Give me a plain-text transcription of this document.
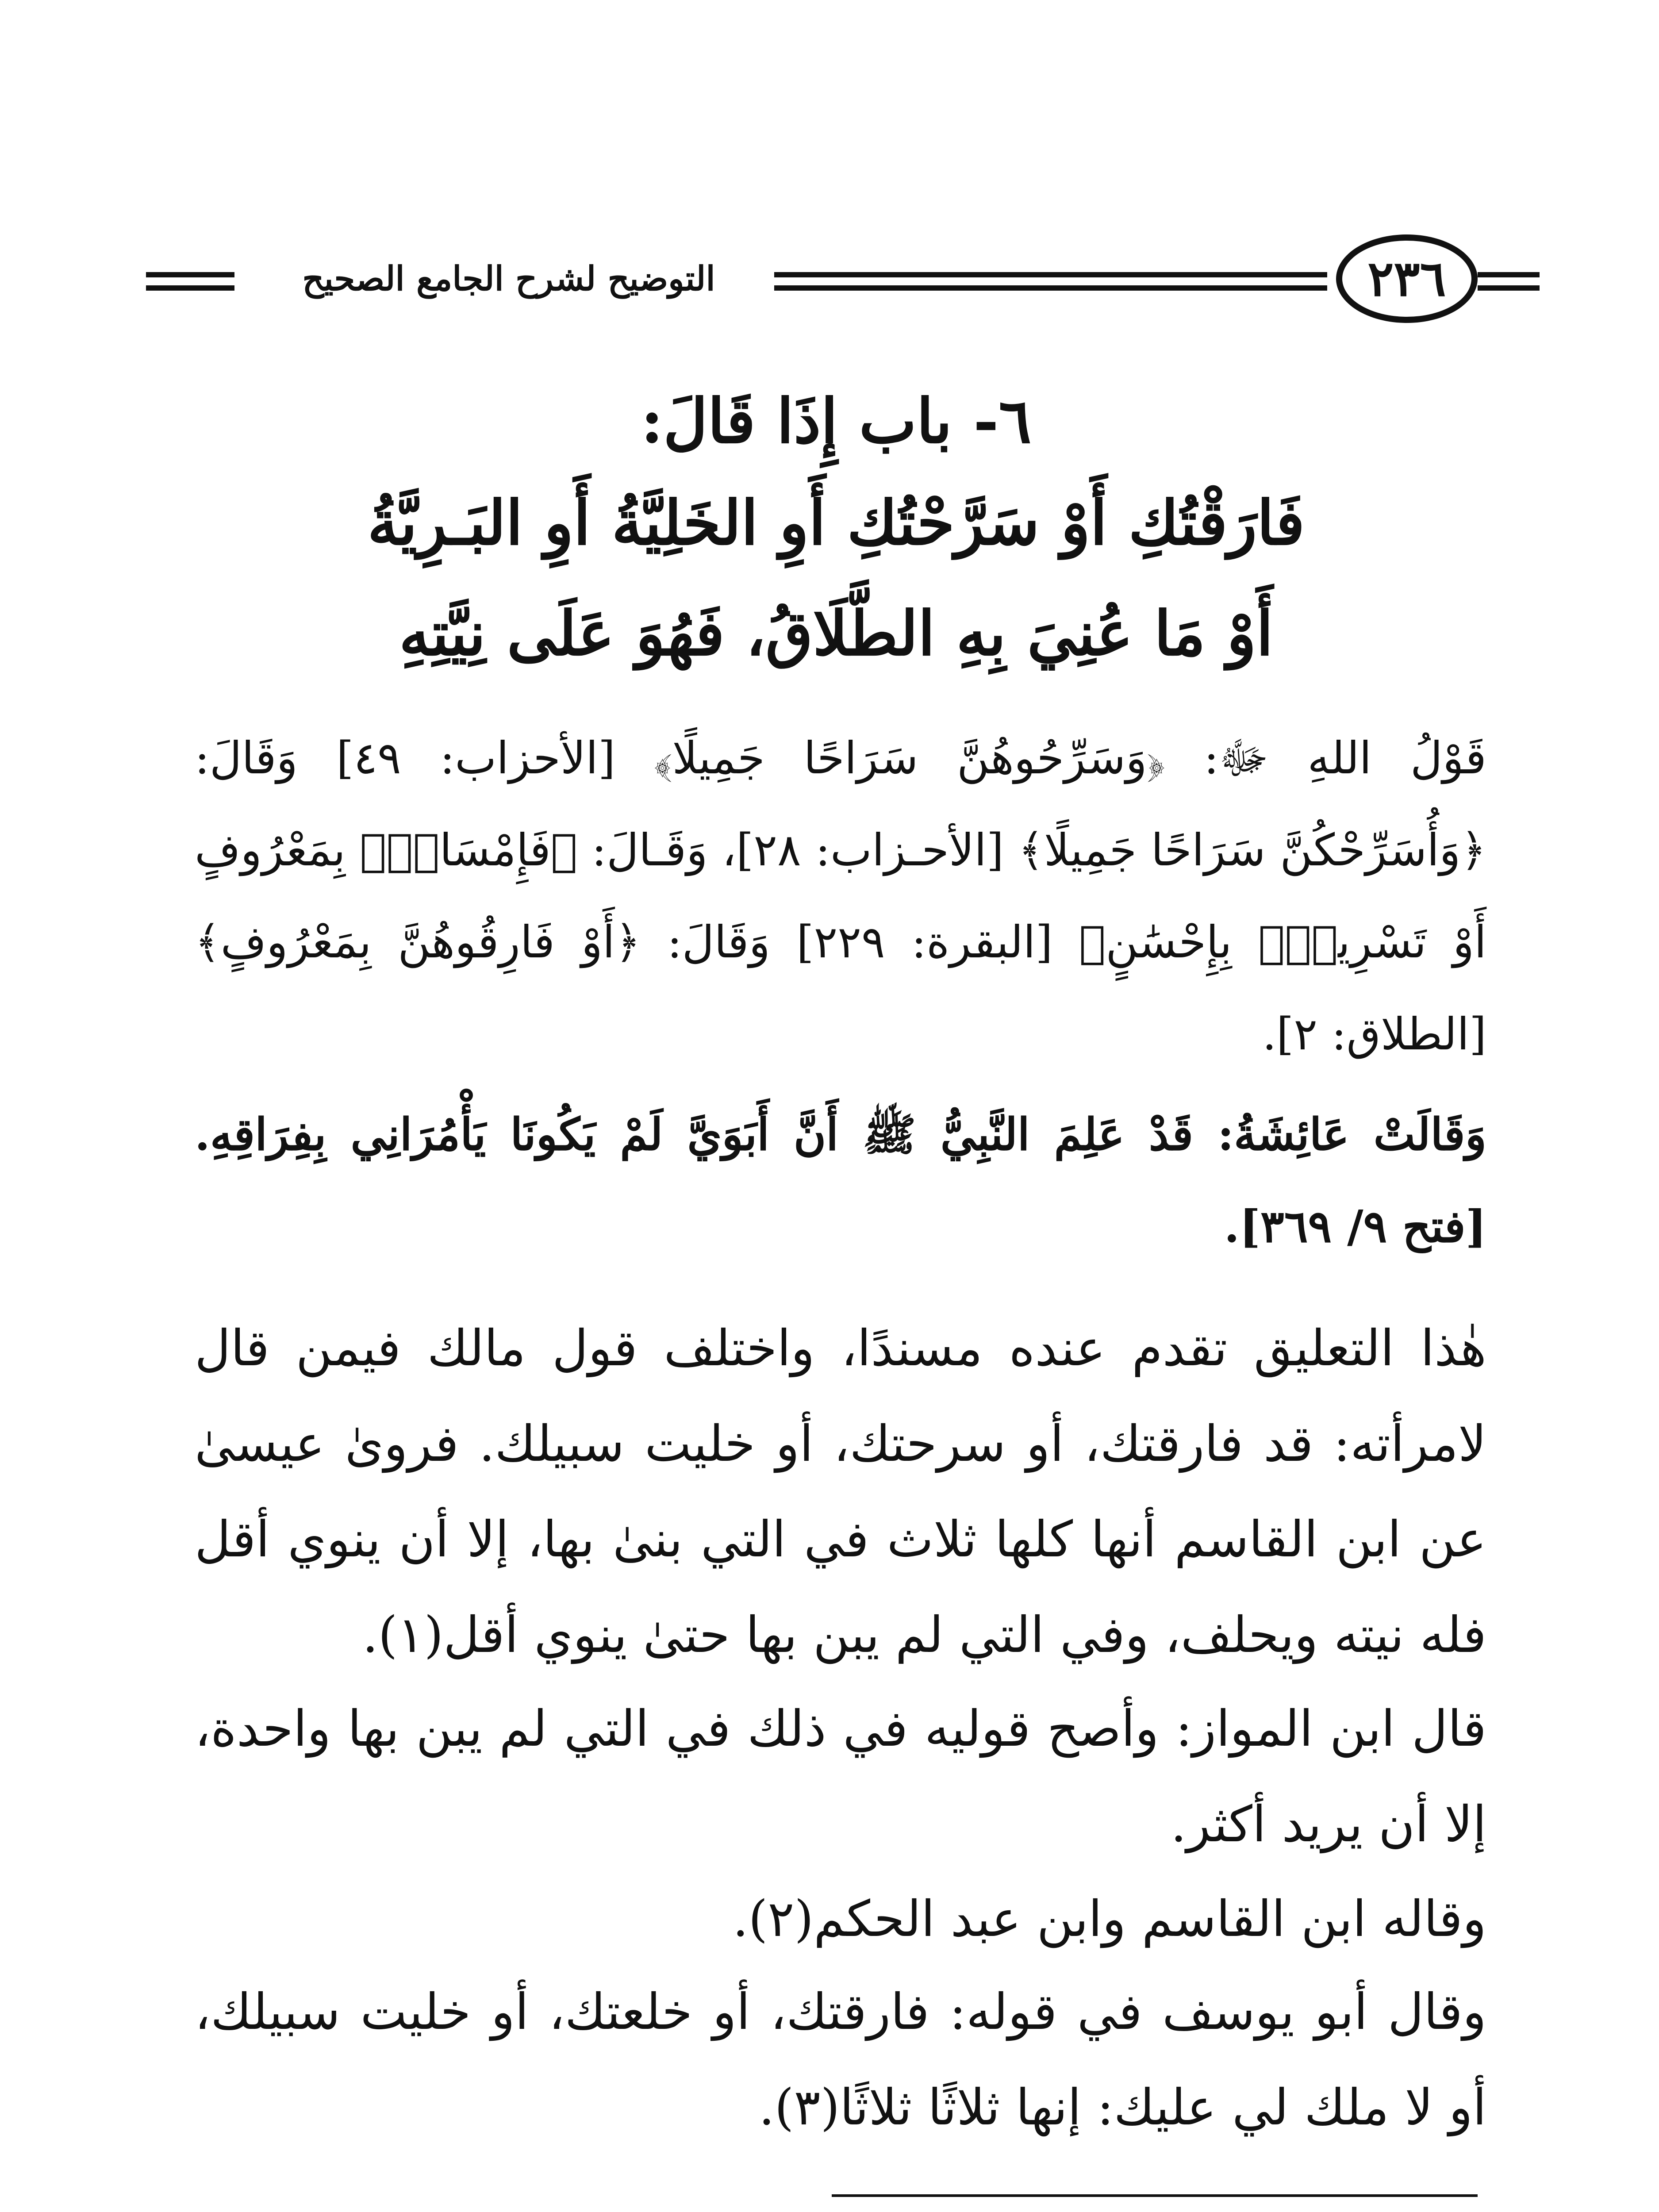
التوضيح لشرح الجامع الصحيح	٢٣٦
٦- باب إِذَا قَالَ:
فَارَقْتُكِ أَوْ سَرَّحْتُكِ أَوِ الخَلِيَّةُ أَوِ البَـرِيَّةُ
أَوْ مَا عُنِيَ بِهِ الطَّلَاقُ، فَهُوَ عَلَى نِيَّتِهِ
قَوْلُ اللهِ ﷻ: ﴿وَسَرِّحُوهُنَّ سَرَاحًا جَمِيلًا﴾ [الأحزاب: ٤٩] وَقَالَ: ﴿وَأُسَرِّحْكُنَّ سَرَاحًا جَمِيلًا﴾ [الأحـزاب: ٢٨]، وَقَـالَ: ﴿فَإِمْسَاكٌۢ بِمَعْرُوفٍ أَوْ تَسْرِيحٌۢ بِإِحْسَٰنٍ﴾ [البقرة: ٢٢٩] وَقَالَ: ﴿أَوْ فَارِقُوهُنَّ بِمَعْرُوفٍ﴾ [الطلاق: ٢].
وَقَالَتْ عَائِشَةُ: قَدْ عَلِمَ النَّبِيُّ ﷺ أَنَّ أَبَوَيَّ لَمْ يَكُونَا يَأْمُرَانِي بِفِرَاقِهِ. [فتح ٩/ ٣٦٩].
هٰذا التعليق تقدم عنده مسندًا، واختلف قول مالك فيمن قال لامرأته: قد فارقتك، أو سرحتك، أو خليت سبيلك. فروىٰ عيسىٰ عن ابن القاسم أنها كلها ثلاث في التي بنىٰ بها، إلا أن ينوي أقل فله نيته ويحلف، وفي التي لم يبن بها حتىٰ ينوي أقل(١).
قال ابن المواز: وأصح قوليه في ذلك في التي لم يبن بها واحدة، إلا أن يريد أكثر.
وقاله ابن القاسم وابن عبد الحكم(٢).
وقال أبو يوسف في قوله: فارقتك، أو خلعتك، أو خليت سبيلك، أو لا ملك لي عليك: إنها ثلاثًا ثلاثًا(٣).
